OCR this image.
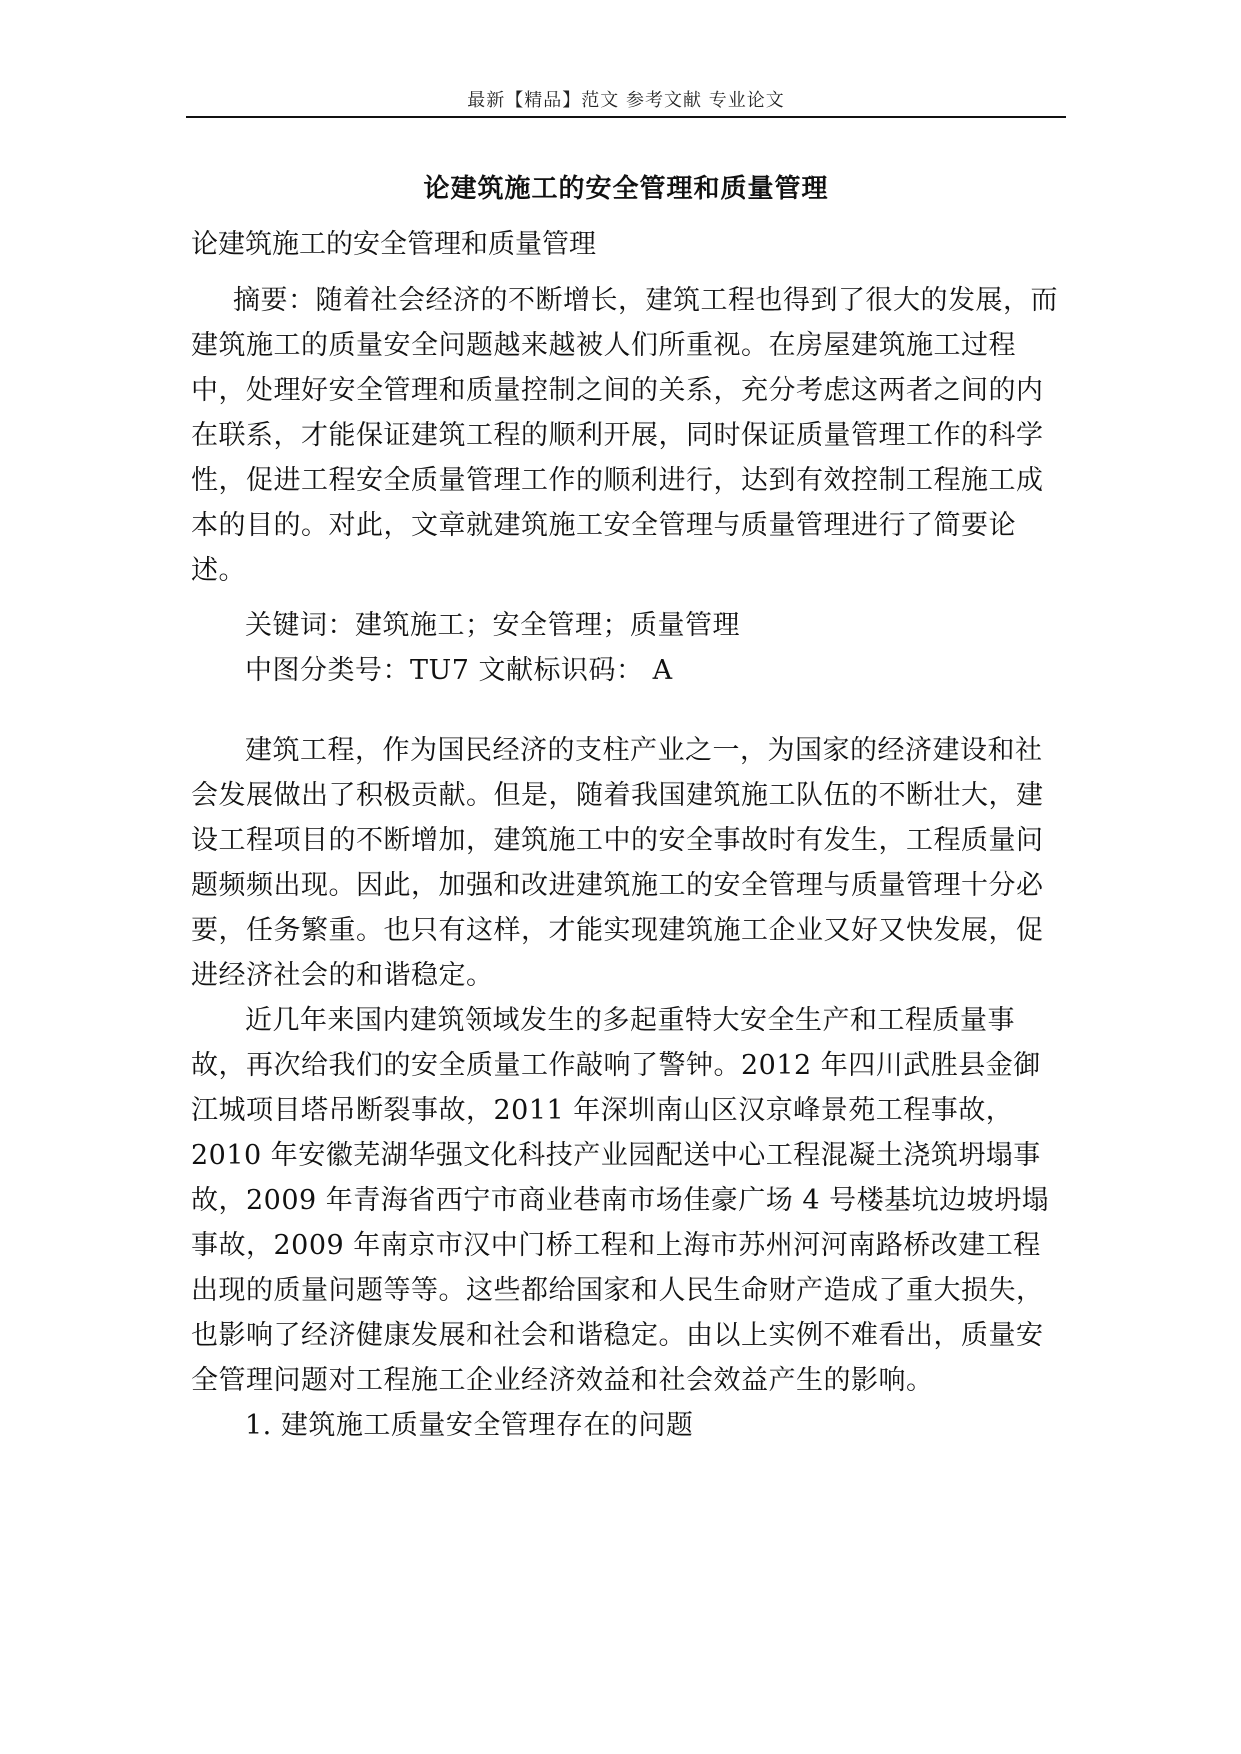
最新【精品】范文 参考文献 专业论文
论建筑施工的安全管理和质量管理
论建筑施工的安全管理和质量管理

摘要：随着社会经济的不断增长，建筑工程也得到了很大的发展，而建筑施工的质量安全问题越来越被人们所重视。在房屋建筑施工过程中，处理好安全管理和质量控制之间的关系，充分考虑这两者之间的内在联系，才能保证建筑工程的顺利开展，同时保证质量管理工作的科学性，促进工程安全质量管理工作的顺利进行，达到有效控制工程施工成本的目的。对此，文章就建筑施工安全管理与质量管理进行了简要论述。

关键词：建筑施工；安全管理；质量管理

中图分类号：TU7 文献标识码： A

建筑工程，作为国民经济的支柱产业之一，为国家的经济建设和社会发展做出了积极贡献。但是，随着我国建筑施工队伍的不断壮大，建设工程项目的不断增加，建筑施工中的安全事故时有发生，工程质量问题频频出现。因此，加强和改进建筑施工的安全管理与质量管理十分必要，任务繁重。也只有这样，才能实现建筑施工企业又好又快发展，促进经济社会的和谐稳定。

近几年来国内建筑领域发生的多起重特大安全生产和工程质量事故，再次给我们的安全质量工作敲响了警钟。2012 年四川武胜县金御江城项目塔吊断裂事故，2011 年深圳南山区汉京峰景苑工程事故，2010 年安徽芜湖华强文化科技产业园配送中心工程混凝土浇筑坍塌事故，2009 年青海省西宁市商业巷南市场佳豪广场 4 号楼基坑边坡坍塌事故，2009 年南京市汉中门桥工程和上海市苏州河河南路桥改建工程出现的质量问题等等。这些都给国家和人民生命财产造成了重大损失，也影响了经济健康发展和社会和谐稳定。由以上实例不难看出，质量安全管理问题对工程施工企业经济效益和社会效益产生的影响。

1. 建筑施工质量安全管理存在的问题
